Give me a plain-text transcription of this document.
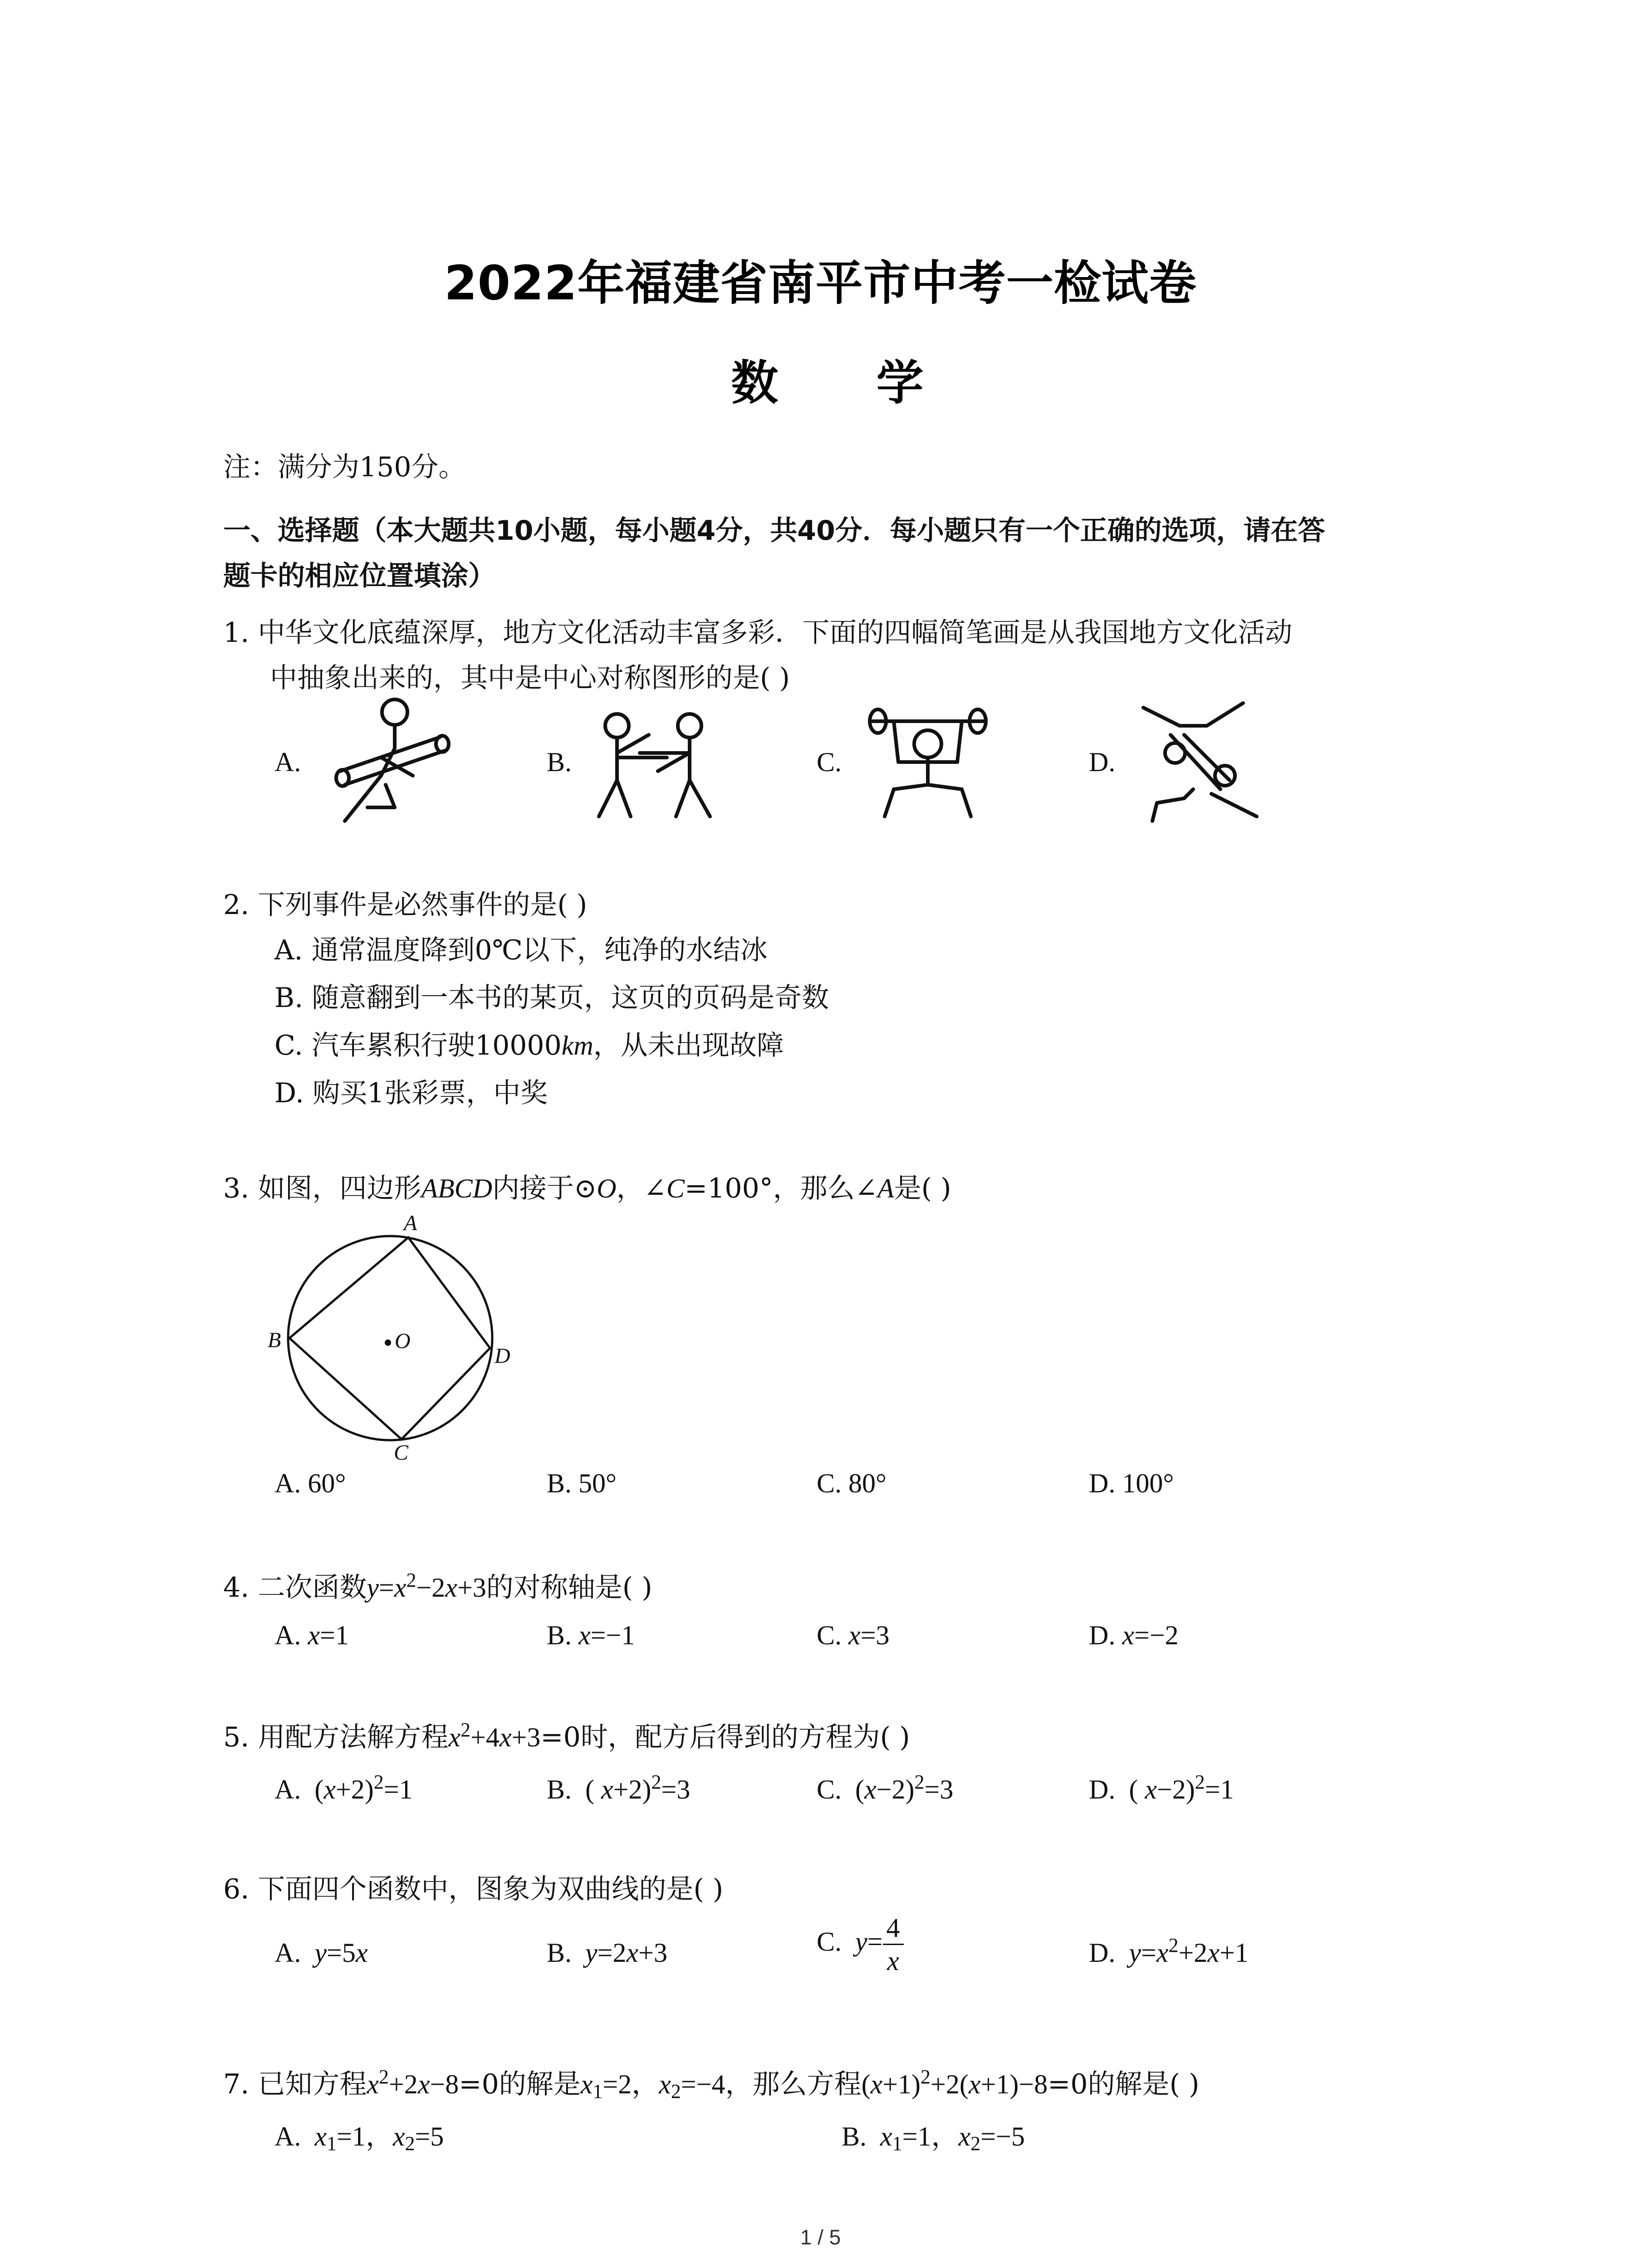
2022年福建省南平市中考一检试卷
数 学
注：满分为150分。
一、选择题（本大题共10小题，每小题4分，共40分．每小题只有一个正确的选项，请在答
题卡的相应位置填涂）
1. 中华文化底蕴深厚，地方文化活动丰富多彩．下面的四幅简笔画是从我国地方文化活动
中抽象出来的，其中是中心对称图形的是( )
A.	B.	C.	D.
2. 下列事件是必然事件的是( )
A. 通常温度降到0℃以下，纯净的水结冰
B. 随意翻到一本书的某页，这页的页码是奇数
C. 汽车累积行驶10000km，从未出现故障
D. 购买1张彩票，中奖
3. 如图，四边形ABCD内接于⊙O，∠C=100°，那么∠A是( )
A
B
C
D
O
A. 60°	B. 50°	C. 80°	D. 100°
4. 二次函数$y=x^2-2x+3$的对称轴是( )
A. x=1	B. x=−1	C. x=3	D. x=−2
5. 用配方法解方程$x^2+4x+3=0$时，配方后得到的方程为( )
A.  $(x+2)^2=1$	B.  ( x+2)$^2$=3	C.  $(x-2)^2=3$	D.  ( x−2)$^2$=1
6. 下面四个函数中，图象为双曲线的是( )
A. y=5x	B. y=2x+3	C. $y= \frac{4}{x}$	D. $y=x^2+2x+1$
7. 已知方程$x^2+2x-8=0$的解是$x_1=2$，$x_2=-4$，那么方程$(x+1)^2+2(x+1)-8=0$的解是( )
A. $x_1=1$，$x_2=5$	B. $x_1=1$，$x_2=-5$
1 / 5
